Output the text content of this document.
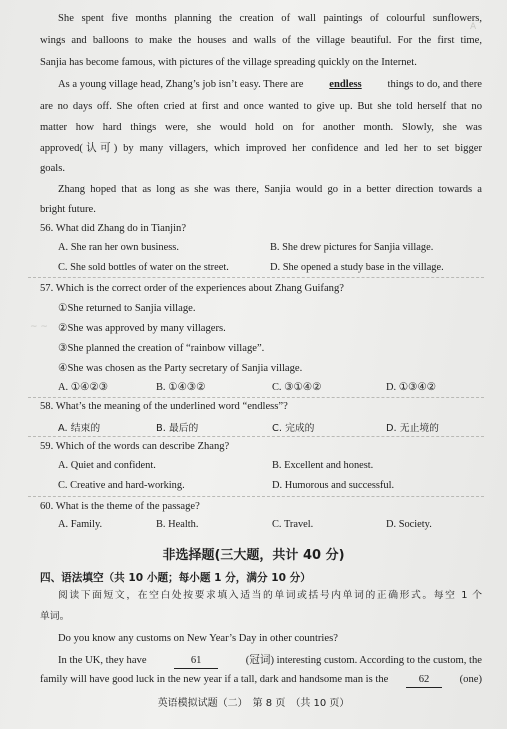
A
~ ~
She spent five months planning the creation of wall paintings of colourful sunflowers,
wings and balloons to make the houses and walls of the village beautiful. For the first time,
Sanjia has become famous, with pictures of the village spreading quickly on the Internet.
As a young village head, Zhang’s job isn’t easy. There are endless things to do, and there
are no days off. She often cried at first and once wanted to give up. But she told herself that no
matter how hard things were, she would hold on for another month. Slowly, she was
approved(认可) by many villagers, which improved her confidence and led her to set bigger
goals.
Zhang hoped that as long as she was there, Sanjia would go in a better direction towards a
bright future.
56. What did Zhang do in Tianjin?
A. She ran her own business.	B. She drew pictures for Sanjia village.
C. She sold bottles of water on the street.	D. She opened a study base in the village.
57. Which is the correct order of the experiences about Zhang Guifang?
①She returned to Sanjia village.
②She was approved by many villagers.
③She planned the creation of “rainbow village”.
④She was chosen as the Party secretary of Sanjia village.
A. ①④②③	B. ①④③②	C. ③①④②	D. ①③④②
58. What’s the meaning of the underlined word “endless”?
A. 结束的	B. 最后的	C. 完成的	D. 无止境的
59. Which of the words can describe Zhang?
A. Quiet and confident.	B. Excellent and honest.
C. Creative and hard-working.	D. Humorous and successful.
60. What is the theme of the passage?
A. Family.	B. Health.	C. Travel.	D. Society.
非选择题(三大题，共计 40 分)
四、语法填空（共 10 小题；每小题 1 分，满分 10 分）
阅读下面短文，在空白处按要求填入适当的单词或括号内单词的正确形式。每空 1 个
单词。
Do you know any customs on New Year’s Day in other countries?
In the UK, they have	61	(冠词) interesting custom. According to the custom, the
family will have good luck in the new year if a tall, dark and handsome man is the	62	(one)
英语模拟试题（二）　第 8 页　（共 10 页）
